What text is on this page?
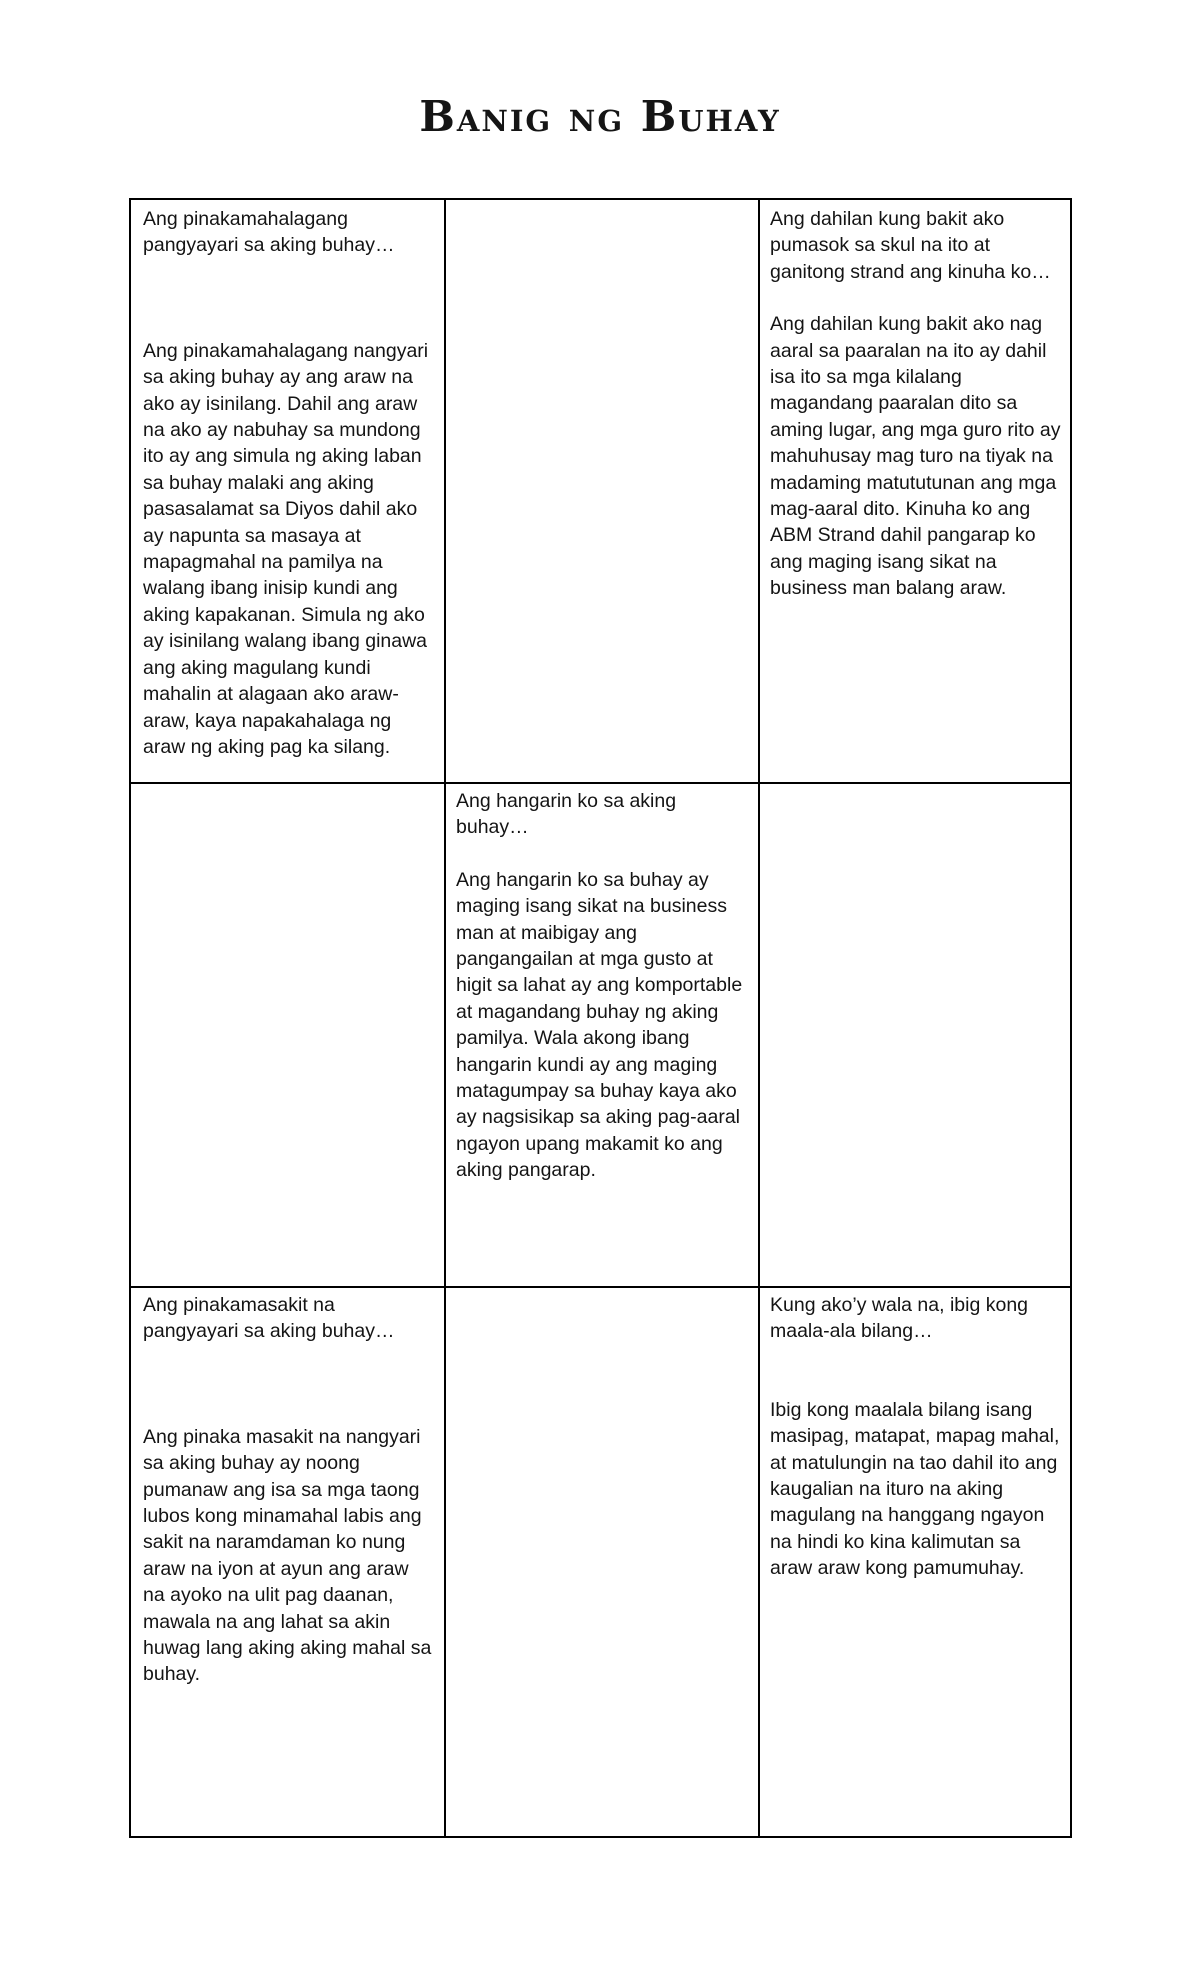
Banig ng Buhay

Ang pinakamahalagang pangyayari sa aking buhay…

Ang pinakamahalagang nangyari sa aking buhay ay ang araw na ako ay isinilang. Dahil ang araw na ako ay nabuhay sa mundong ito ay ang simula ng aking laban sa buhay malaki ang aking pasasalamat sa Diyos dahil ako ay napunta sa masaya at mapagmahal na pamilya na walang ibang inisip kundi ang aking kapakanan. Simula ng ako ay isinilang walang ibang ginawa ang aking magulang kundi mahalin at alagaan ako araw-araw, kaya napakahalaga ng araw ng aking pag ka silang.

Ang dahilan kung bakit ako pumasok sa skul na ito at ganitong strand ang kinuha ko…

Ang dahilan kung bakit ako nag aaral sa paaralan na ito ay dahil isa ito sa mga kilalang magandang paaralan dito sa aming lugar, ang mga guro rito ay mahuhusay mag turo na tiyak na madaming matututunan ang mga mag-aaral dito. Kinuha ko ang ABM Strand dahil pangarap ko ang maging isang sikat na business man balang araw.

Ang hangarin ko sa aking buhay…

Ang hangarin ko sa buhay ay maging isang sikat na business man at maibigay ang pangangailan at mga gusto at higit sa lahat ay ang komportable at magandang buhay ng aking pamilya. Wala akong ibang hangarin kundi ay ang maging matagumpay sa buhay kaya ako ay nagsisikap sa aking pag-aaral ngayon upang makamit ko ang aking pangarap.

Ang pinakamasakit na pangyayari sa aking buhay…

Ang pinaka masakit na nangyari sa aking buhay ay noong pumanaw ang isa sa mga taong lubos kong minamahal labis ang sakit na naramdaman ko nung araw na iyon at ayun ang araw na ayoko na ulit pag daanan, mawala na ang lahat sa akin huwag lang aking aking mahal sa buhay.

Kung ako’y wala na, ibig kong maala-ala bilang…

Ibig kong maalala bilang isang masipag, matapat, mapag mahal, at matulungin na tao dahil ito ang kaugalian na ituro na aking magulang na hanggang ngayon na hindi ko kina kalimutan sa araw araw kong pamumuhay.
